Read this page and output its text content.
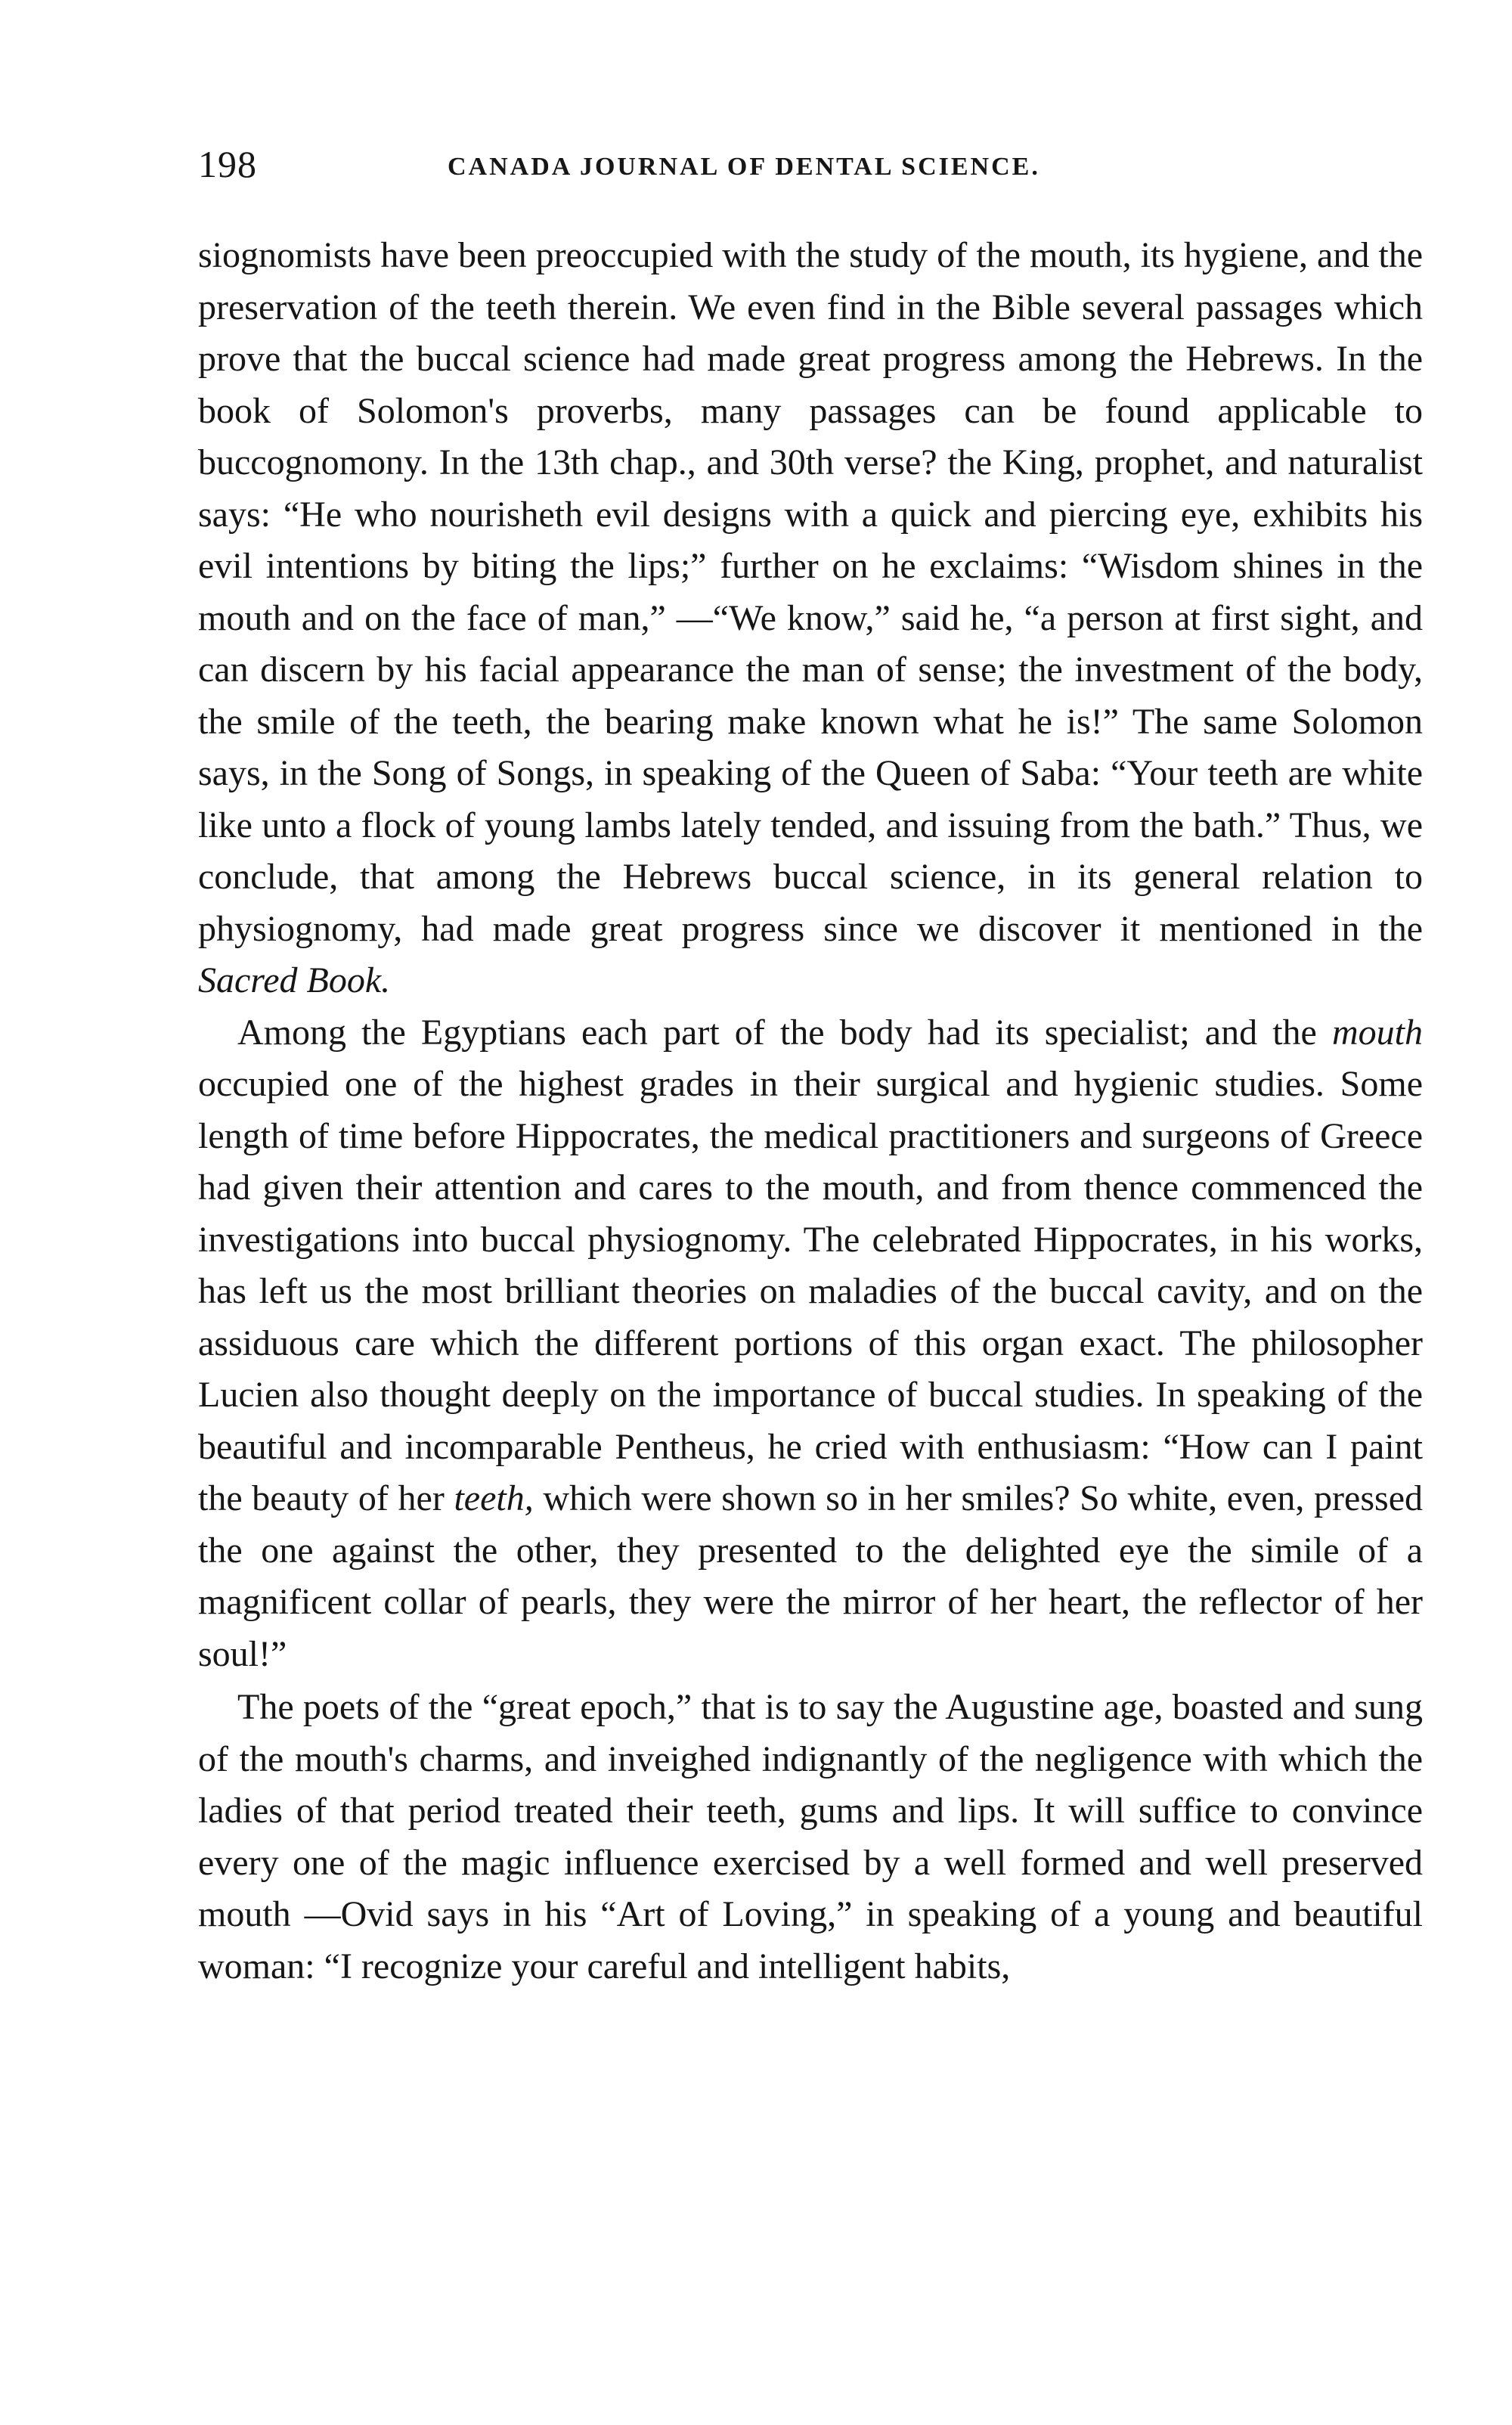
198	CANADA JOURNAL OF DENTAL SCIENCE.

siognomists have been preoccupied with the study of the mouth, its hygiene, and the preservation of the teeth therein. We even find in the Bible several passages which prove that the buccal science had made great progress among the Hebrews. In the book of Solomon's proverbs, many passages can be found applicable to buccognomony. In the 13th chap., and 30th verse? the King, prophet, and naturalist says: “He who nourisheth evil designs with a quick and piercing eye, exhibits his evil intentions by biting the lips;” further on he exclaims: “Wisdom shines in the mouth and on the face of man,” —“We know,” said he, “a person at first sight, and can discern by his facial appearance the man of sense; the investment of the body, the smile of the teeth, the bearing make known what he is!” The same Solomon says, in the Song of Songs, in speaking of the Queen of Saba: “Your teeth are white like unto a flock of young lambs lately tended, and issuing from the bath.” Thus, we conclude, that among the Hebrews buccal science, in its general relation to physiognomy, had made great progress since we discover it mentioned in the Sacred Book.

Among the Egyptians each part of the body had its specialist; and the mouth occupied one of the highest grades in their surgical and hygienic studies. Some length of time before Hippocrates, the medical practitioners and surgeons of Greece had given their attention and cares to the mouth, and from thence commenced the investigations into buccal physiognomy. The celebrated Hippocrates, in his works, has left us the most brilliant theories on maladies of the buccal cavity, and on the assiduous care which the different portions of this organ exact. The philosopher Lucien also thought deeply on the importance of buccal studies. In speaking of the beautiful and incomparable Pentheus, he cried with enthusiasm: “How can I paint the beauty of her teeth, which were shown so in her smiles? So white, even, pressed the one against the other, they presented to the delighted eye the simile of a magnificent collar of pearls, they were the mirror of her heart, the reflector of her soul!”

The poets of the “great epoch,” that is to say the Augustine age, boasted and sung of the mouth's charms, and inveighed indignantly of the negligence with which the ladies of that period treated their teeth, gums and lips. It will suffice to convince every one of the magic influence exercised by a well formed and well preserved mouth —Ovid says in his “Art of Loving,” in speaking of a young and beautiful woman: “I recognize your careful and intelligent habits,
